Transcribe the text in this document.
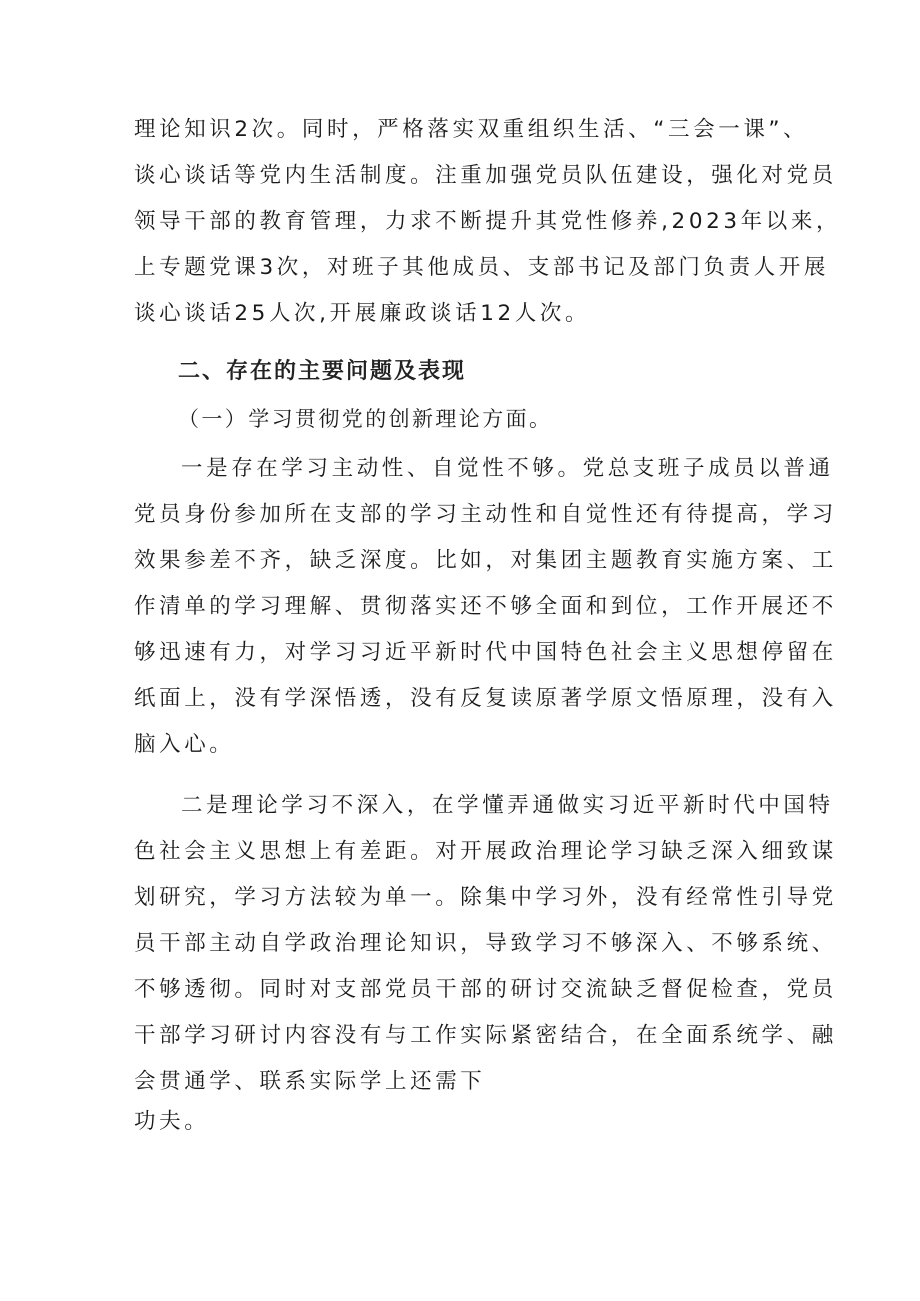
理论知识2次。同时，严格落实双重组织生活、“三会一课”、
谈心谈话等党内生活制度。注重加强党员队伍建设，强化对党员
领导干部的教育管理，力求不断提升其党性修养,2023年以来，
上专题党课3次，对班子其他成员、支部书记及部门负责人开展
谈心谈话25人次,开展廉政谈话12人次。
二、存在的主要问题及表现
（一）学习贯彻党的创新理论方面。
一是存在学习主动性、自觉性不够。党总支班子成员以普通
党员身份参加所在支部的学习主动性和自觉性还有待提高，学习
效果参差不齐，缺乏深度。比如，对集团主题教育实施方案、工
作清单的学习理解、贯彻落实还不够全面和到位，工作开展还不
够迅速有力，对学习习近平新时代中国特色社会主义思想停留在
纸面上，没有学深悟透，没有反复读原著学原文悟原理，没有入
脑入心。
二是理论学习不深入，在学懂弄通做实习近平新时代中国特
色社会主义思想上有差距。对开展政治理论学习缺乏深入细致谋
划研究，学习方法较为单一。除集中学习外，没有经常性引导党
员干部主动自学政治理论知识，导致学习不够深入、不够系统、
不够透彻。同时对支部党员干部的研讨交流缺乏督促检查，党员
干部学习研讨内容没有与工作实际紧密结合，在全面系统学、融
会贯通学、联系实际学上还需下
功夫。
